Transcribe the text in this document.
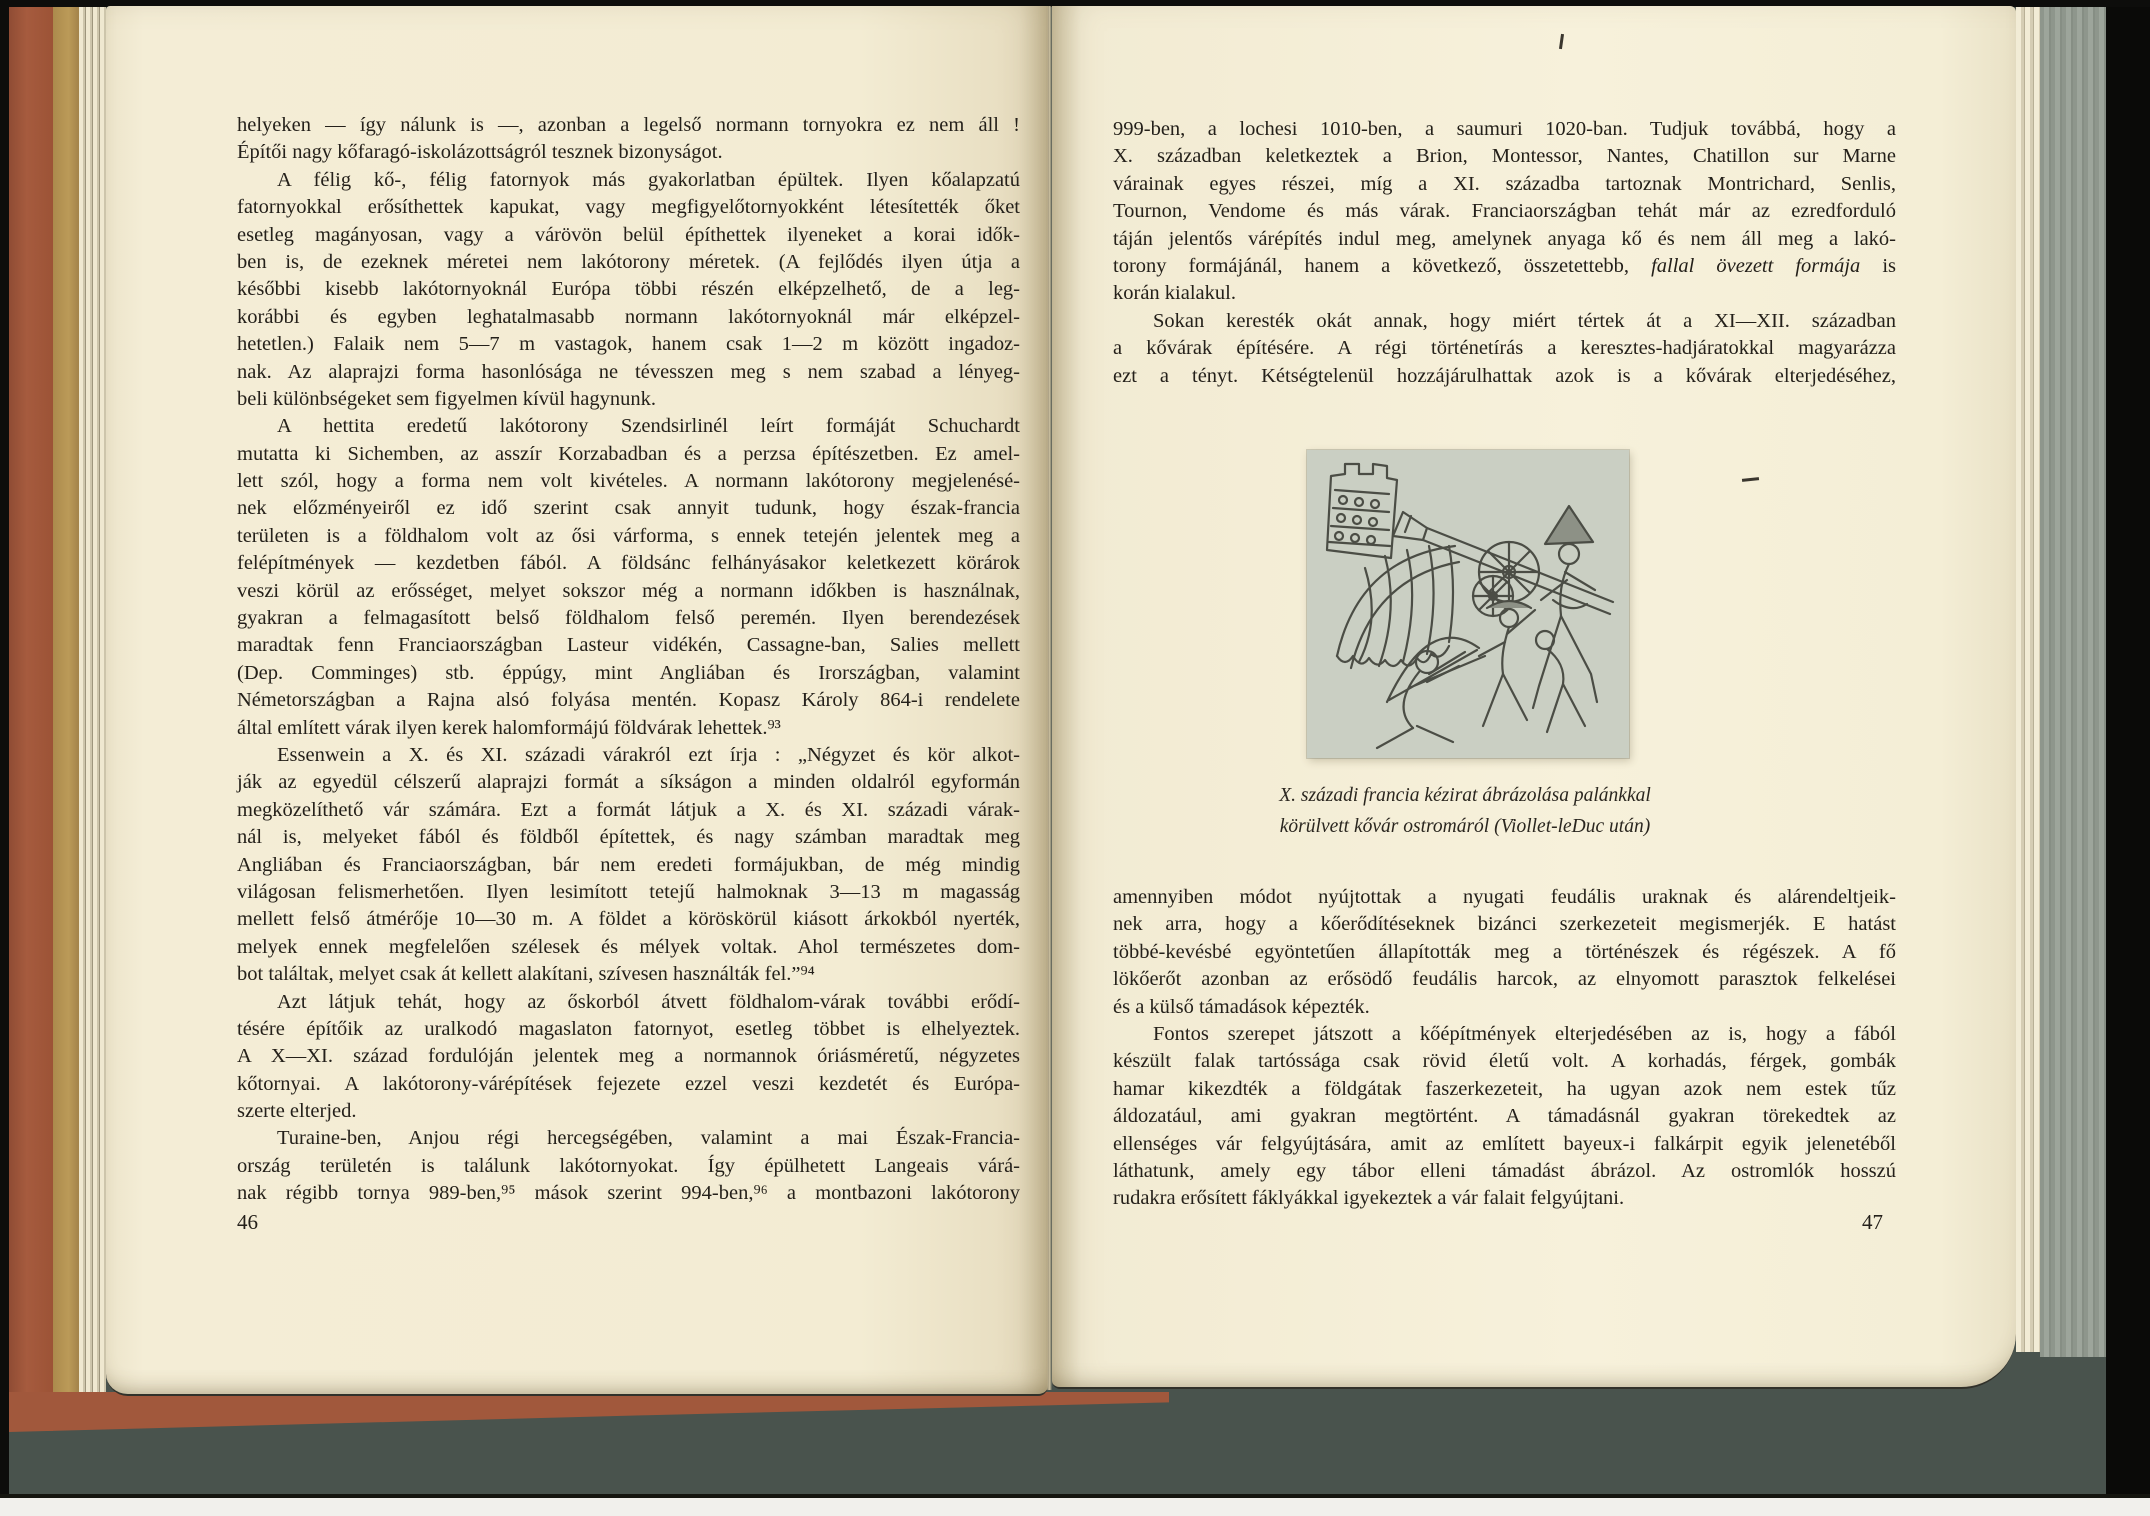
helyeken — így nálunk is —, azonban a legelső normann tornyokra ez nem áll !
Építői nagy kőfaragó-iskolázottságról tesznek bizonyságot.
A félig kő-, félig fatornyok más gyakorlatban épültek. Ilyen kőalapzatú
fatornyokkal erősíthettek kapukat, vagy megfigyelőtornyokként létesítették őket
esetleg magányosan, vagy a várövön belül építhettek ilyeneket a korai idők-
ben is, de ezeknek méretei nem lakótorony méretek. (A fejlődés ilyen útja a
későbbi kisebb lakótornyoknál Európa többi részén elképzelhető, de a leg-
korábbi és egyben leghatalmasabb normann lakótornyoknál már elképzel-
hetetlen.) Falaik nem 5—7 m vastagok, hanem csak 1—2 m között ingadoz-
nak. Az alaprajzi forma hasonlósága ne tévesszen meg s nem szabad a lényeg-
beli különbségeket sem figyelmen kívül hagynunk.
A hettita eredetű lakótorony Szendsirlinél leírt formáját Schuchardt
mutatta ki Sichemben, az asszír Korzabadban és a perzsa építészetben. Ez amel-
lett szól, hogy a forma nem volt kivételes. A normann lakótorony megjelenésé-
nek előzményeiről ez idő szerint csak annyit tudunk, hogy észak-francia
területen is a földhalom volt az ősi várforma, s ennek tetején jelentek meg a
felépítmények — kezdetben fából. A földsánc felhányásakor keletkezett körárok
veszi körül az erősséget, melyet sokszor még a normann időkben is használnak,
gyakran a felmagasított belső földhalom felső peremén. Ilyen berendezések
maradtak fenn Franciaországban Lasteur vidékén, Cassagne-ban, Salies mellett
(Dep. Comminges) stb. éppúgy, mint Angliában és Irországban, valamint
Németországban a Rajna alsó folyása mentén. Kopasz Károly 864-i rendelete
által említett várak ilyen kerek halomformájú földvárak lehettek.⁹³
Essenwein a X. és XI. századi várakról ezt írja : „Négyzet és kör alkot-
ják az egyedül célszerű alaprajzi formát a síkságon a minden oldalról egyformán
megközelíthető vár számára. Ezt a formát látjuk a X. és XI. századi várak-
nál is, melyeket fából és földből építettek, és nagy számban maradtak meg
Angliában és Franciaországban, bár nem eredeti formájukban, de még mindig
világosan felismerhetően. Ilyen lesimított tetejű halmoknak 3—13 m magasság
mellett felső átmérője 10—30 m. A földet a köröskörül kiásott árkokból nyerték,
melyek ennek megfelelően szélesek és mélyek voltak. Ahol természetes dom-
bot találtak, melyet csak át kellett alakítani, szívesen használták fel.”⁹⁴
Azt látjuk tehát, hogy az őskorból átvett földhalom-várak további erődí-
tésére építőik az uralkodó magaslaton fatornyot, esetleg többet is elhelyeztek.
A X—XI. század fordulóján jelentek meg a normannok óriásméretű, négyzetes
kőtornyai. A lakótorony-várépítések fejezete ezzel veszi kezdetét és Európa-
szerte elterjed.
Turaine-ben, Anjou régi hercegségében, valamint a mai Észak-Francia-
ország területén is találunk lakótornyokat. Így épülhetett Langeais várá-
nak régibb tornya 989-ben,⁹⁵ mások szerint 994-ben,⁹⁶ a montbazoni lakótorony
46
999-ben, a lochesi 1010-ben, a saumuri 1020-ban. Tudjuk továbbá, hogy a
X. században keletkeztek a Brion, Montessor, Nantes, Chatillon sur Marne
várainak egyes részei, míg a XI. századba tartoznak Montrichard, Senlis,
Tournon, Vendome és más várak. Franciaországban tehát már az ezredforduló
táján jelentős várépítés indul meg, amelynek anyaga kő és nem áll meg a lakó-
torony formájánál, hanem a következő, összetettebb, fallal övezett formája is
korán kialakul.
Sokan keresték okát annak, hogy miért tértek át a XI—XII. században
a kővárak építésére. A régi történetírás a keresztes-hadjáratokkal magyarázza
ezt a tényt. Kétségtelenül hozzájárulhattak azok is a kővárak elterjedéséhez,
X. századi francia kézirat ábrázolása palánkkal
körülvett kővár ostromáról (Viollet-leDuc után)
amennyiben módot nyújtottak a nyugati feudális uraknak és alárendeltjeik-
nek arra, hogy a kőerődítéseknek bizánci szerkezeteit megismerjék. E hatást
többé-kevésbé egyöntetűen állapították meg a történészek és régészek. A fő
lökőerőt azonban az erősödő feudális harcok, az elnyomott parasztok felkelései
és a külső támadások képezték.
Fontos szerepet játszott a kőépítmények elterjedésében az is, hogy a fából
készült falak tartóssága csak rövid életű volt. A korhadás, férgek, gombák
hamar kikezdték a földgátak faszerkezeteit, ha ugyan azok nem estek tűz
áldozatául, ami gyakran megtörtént. A támadásnál gyakran törekedtek az
ellenséges vár felgyújtására, amit az említett bayeux-i falkárpit egyik jelenetéből
láthatunk, amely egy tábor elleni támadást ábrázol. Az ostromlók hosszú
rudakra erősített fáklyákkal igyekeztek a vár falait felgyújtani.
47
